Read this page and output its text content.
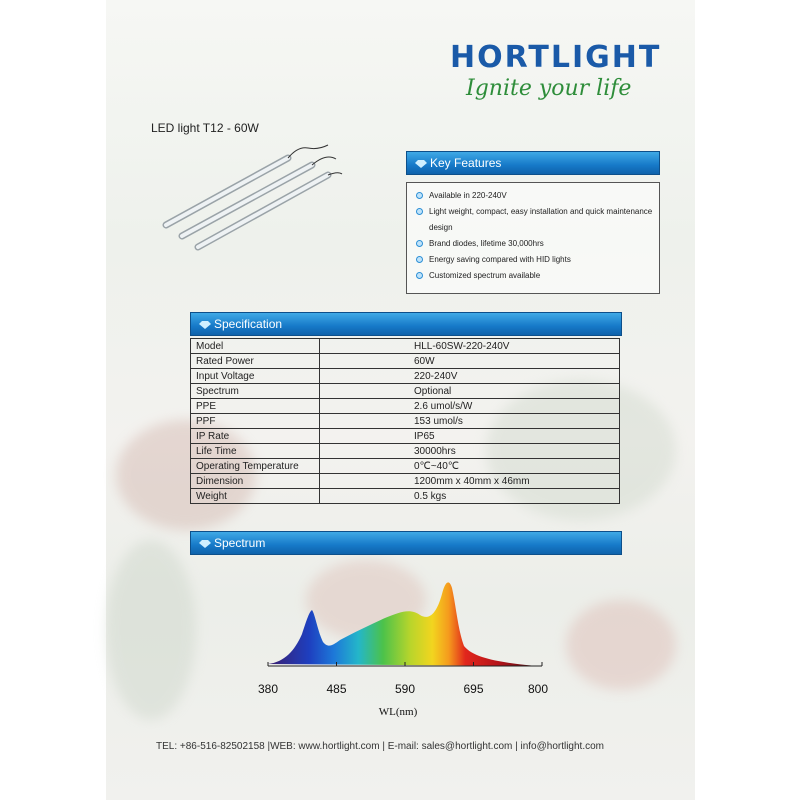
HORTLIGHT
Ignite your life
LED light T12 - 60W
Key Features
Available in 220-240V
Light weight, compact, easy installation and quick maintenance
design
Brand diodes, lifetime 30,000hrs
Energy saving compared with HID lights
Customized spectrum available
Specification
Model	HLL-60SW-220-240V
Rated Power	60W
Input Voltage	220-240V
Spectrum	Optional
PPE	2.6 umol/s/W
PPF	153 umol/s
IP Rate	IP65
Life Time	30000hrs
Operating Temperature	0℃~40℃
Dimension	1200mm x 40mm x 46mm
Weight	0.5 kgs
Spectrum
380	485	590	695	800
WL(nm)
TEL: +86-516-82502158 |WEB: www.hortlight.com | E-mail: sales@hortlight.com | info@hortlight.com
